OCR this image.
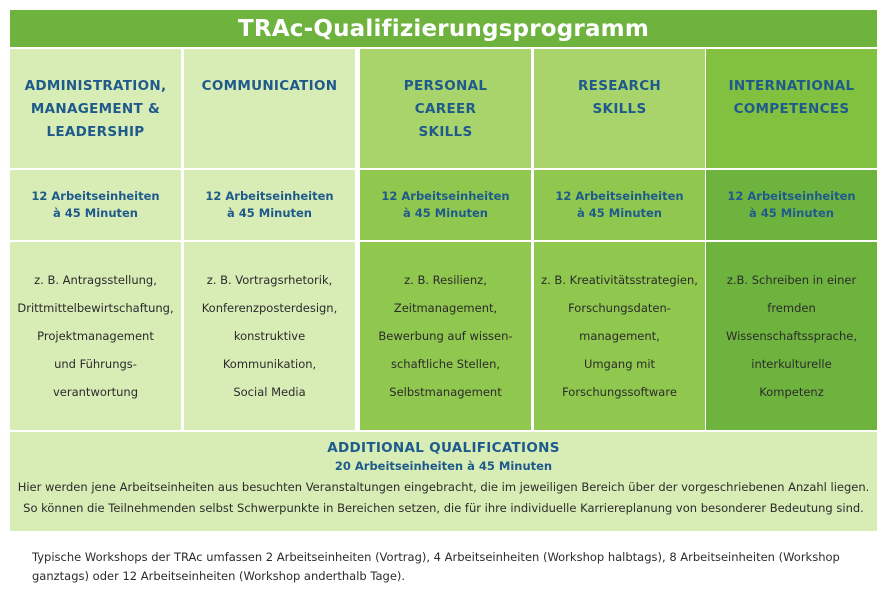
TRAc-Qualifizierungsprogramm
ADMINISTRATION,
MANAGEMENT &
LEADERSHIP
12 Arbeitseinheiten
à 45 Minuten
z. B. Antragsstellung,
Drittmittelbewirtschaftung,
Projektmanagement
und Führungs-
verantwortung
COMMUNICATION
12 Arbeitseinheiten
à 45 Minuten
z. B. Vortragsrhetorik,
Konferenzposterdesign,
konstruktive
Kommunikation,
Social Media
PERSONAL
CAREER
SKILLS
12 Arbeitseinheiten
à 45 Minuten
z. B. Resilienz,
Zeitmanagement,
Bewerbung auf wissen-
schaftliche Stellen,
Selbstmanagement
RESEARCH
SKILLS
12 Arbeitseinheiten
à 45 Minuten
z. B. Kreativitätsstrategien,
Forschungsdaten-
management,
Umgang mit
Forschungssoftware
INTERNATIONAL
COMPETENCES
12 Arbeitseinheiten
à 45 Minuten
z.B. Schreiben in einer
fremden
Wissenschaftssprache,
interkulturelle
Kompetenz
ADDITIONAL QUALIFICATIONS
20 Arbeitseinheiten à 45 Minuten
Hier werden jene Arbeitseinheiten aus besuchten Veranstaltungen eingebracht, die im jeweiligen Bereich über der vorgeschriebenen Anzahl liegen.
So können die Teilnehmenden selbst Schwerpunkte in Bereichen setzen, die für ihre individuelle Karriereplanung von besonderer Bedeutung sind.
Typische Workshops der TRAc umfassen 2 Arbeitseinheiten (Vortrag), 4 Arbeitseinheiten (Workshop halbtags), 8 Arbeitseinheiten (Workshop
ganztags) oder 12 Arbeitseinheiten (Workshop anderthalb Tage).
